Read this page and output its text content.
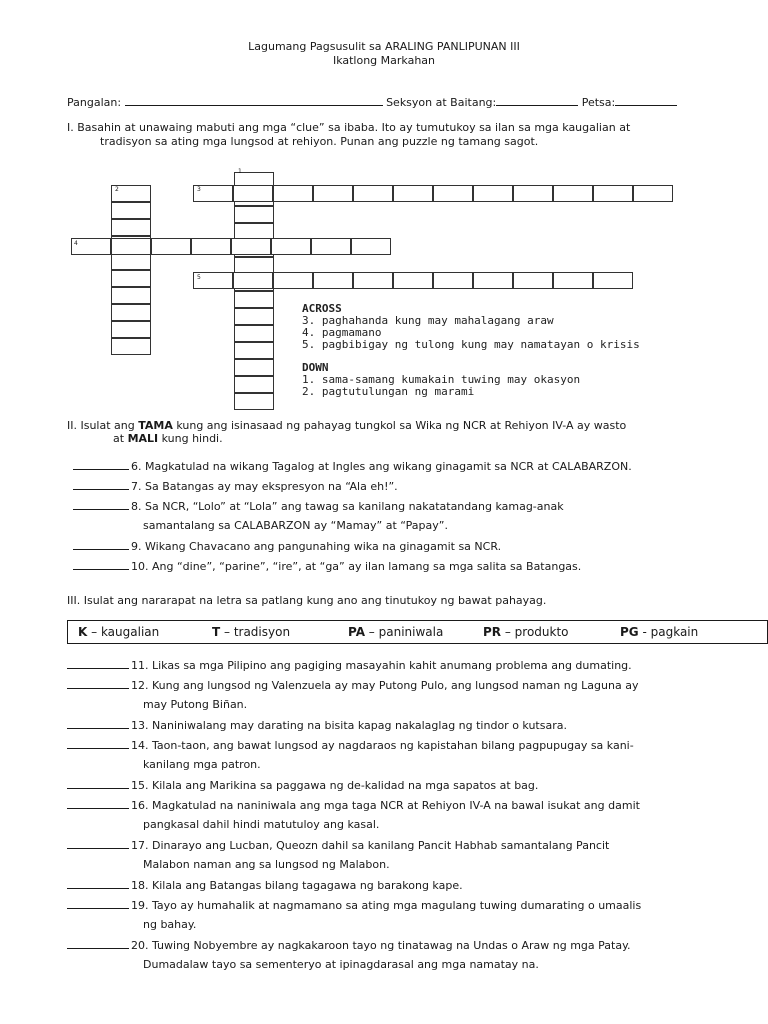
Lagumang Pagsusulit sa ARALING PANLIPUNAN III
Ikatlong Markahan
Pangalan:	Seksyon at Baitang:	Petsa:
I. Basahin at unawaing mabuti ang mga “clue” sa ibaba. Ito ay tumutukoy sa ilan sa mga kaugalian at
tradisyon sa ating mga lungsod at rehiyon. Punan ang puzzle ng tamang sagot.
1
2	3
4
5
ACROSS
3. paghahanda kung may mahalagang araw
4. pagmamano
5. pagbibigay ng tulong kung may namatayan o krisis
DOWN
1. sama-samang kumakain tuwing may okasyon
2. pagtutulungan ng marami
II. Isulat ang TAMA kung ang isinasaad ng pahayag tungkol sa Wika ng NCR at Rehiyon IV-A ay wasto
at MALI kung hindi.
6. Magkatulad na wikang Tagalog at Ingles ang wikang ginagamit sa NCR at CALABARZON.
7. Sa Batangas ay may ekspresyon na “Ala eh!”.
8. Sa NCR, “Lolo” at “Lola” ang tawag sa kanilang nakatatandang kamag-anak
samantalang sa CALABARZON ay “Mamay” at “Papay”.
9. Wikang Chavacano ang pangunahing wika na ginagamit sa NCR.
10. Ang “dine”, “parine”, “ire”, at “ga” ay ilan lamang sa mga salita sa Batangas.
III. Isulat ang nararapat na letra sa patlang kung ano ang tinutukoy ng bawat pahayag.
K – kaugalian	T – tradisyon	PA – paniniwala	PR – produkto	PG - pagkain
11. Likas sa mga Pilipino ang pagiging masayahin kahit anumang problema ang dumating.
12. Kung ang lungsod ng Valenzuela ay may Putong Pulo, ang lungsod naman ng Laguna ay
may Putong Biñan.
13. Naniniwalang may darating na bisita kapag nakalaglag ng tindor o kutsara.
14. Taon-taon, ang bawat lungsod ay nagdaraos ng kapistahan bilang pagpupugay sa kani-
kanilang mga patron.
15. Kilala ang Marikina sa paggawa ng de-kalidad na mga sapatos at bag.
16. Magkatulad na naniniwala ang mga taga NCR at Rehiyon IV-A na bawal isukat ang damit
pangkasal dahil hindi matutuloy ang kasal.
17. Dinarayo ang Lucban, Queozn dahil sa kanilang Pancit Habhab samantalang Pancit
Malabon naman ang sa lungsod ng Malabon.
18. Kilala ang Batangas bilang tagagawa ng barakong kape.
19. Tayo ay humahalik at nagmamano sa ating mga magulang tuwing dumarating o umaalis
ng bahay.
20. Tuwing Nobyembre ay nagkakaroon tayo ng tinatawag na Undas o Araw ng mga Patay.
Dumadalaw tayo sa sementeryo at ipinagdarasal ang mga namatay na.
